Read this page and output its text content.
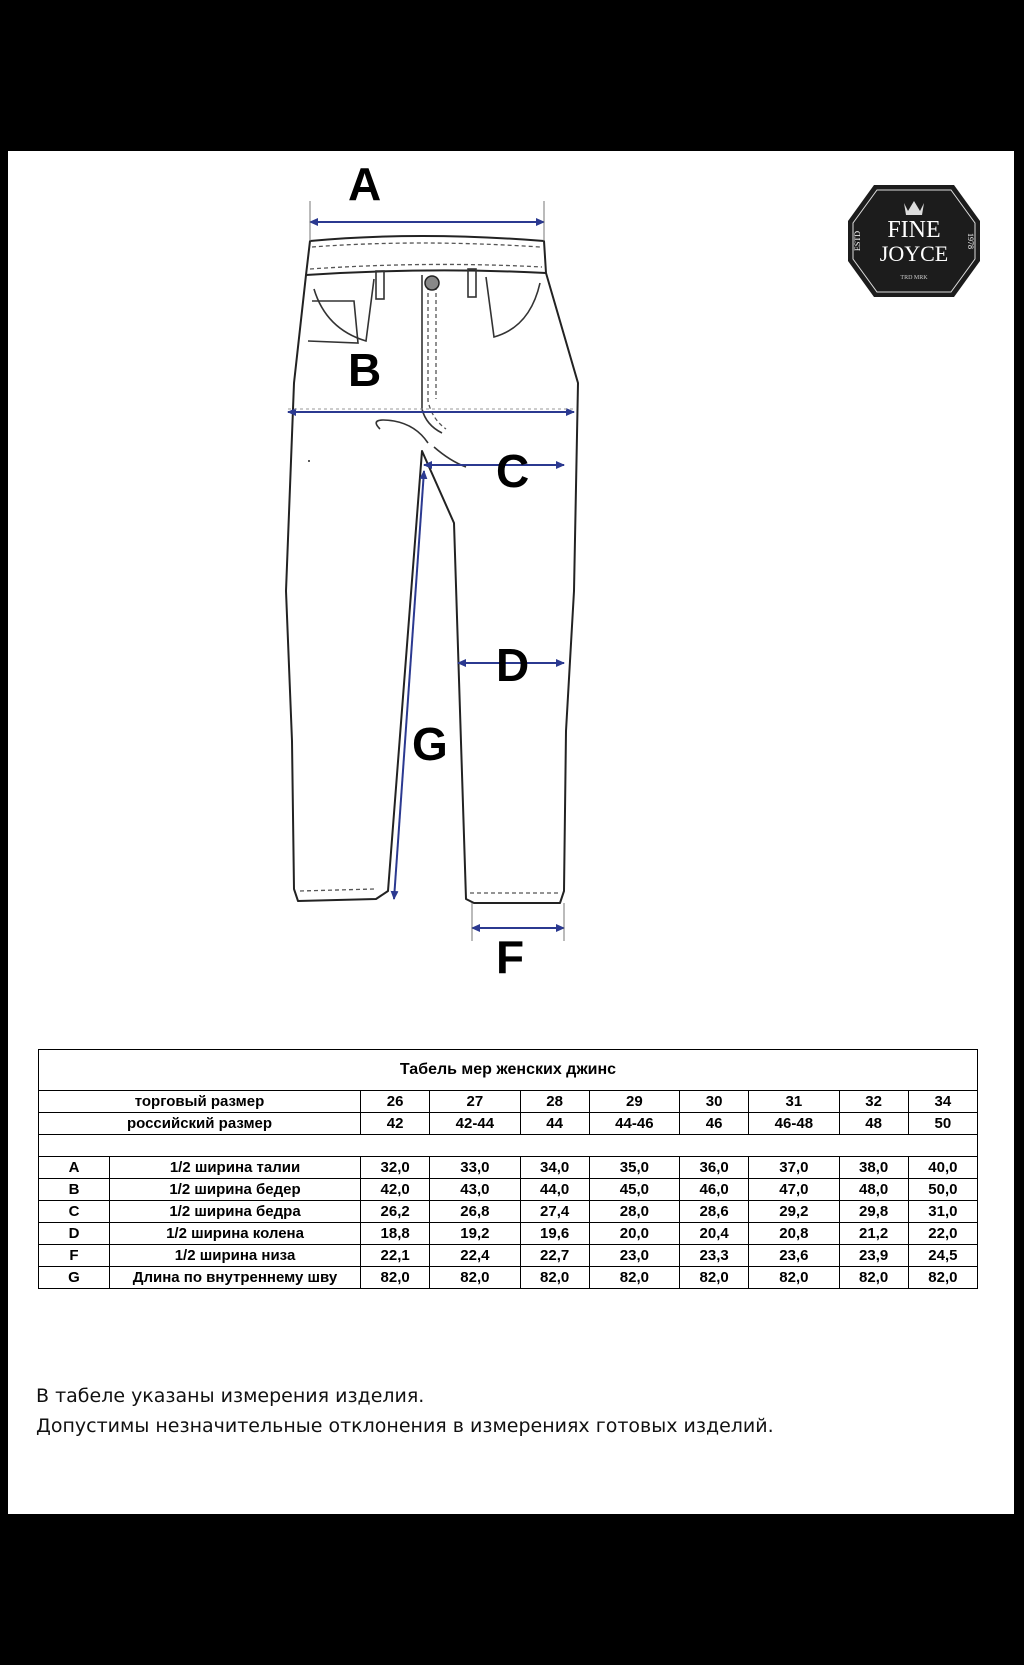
A
B
C
D
G
F
FINE
JOYCE
ESTD	1978
TRD MRK
Табель мер женских джинс									
торговый размер		26	27	28	29	30	31	32	34
российский размер		42	42-44	44	44-46	46	46-48	48	50

A	1/2 ширина талии	32,0	33,0	34,0	35,0	36,0	37,0	38,0	40,0
B	1/2 ширина бедер	42,0	43,0	44,0	45,0	46,0	47,0	48,0	50,0
C	1/2 ширина бедра	26,2	26,8	27,4	28,0	28,6	29,2	29,8	31,0
D	1/2 ширина колена	18,8	19,2	19,6	20,0	20,4	20,8	21,2	22,0
F	1/2 ширина низа	22,1	22,4	22,7	23,0	23,3	23,6	23,9	24,5
G	Длина по внутреннему шву	82,0	82,0	82,0	82,0	82,0	82,0	82,0	82,0
В табеле указаны измерения изделия.
Допустимы незначительные отклонения в измерениях готовых изделий.
